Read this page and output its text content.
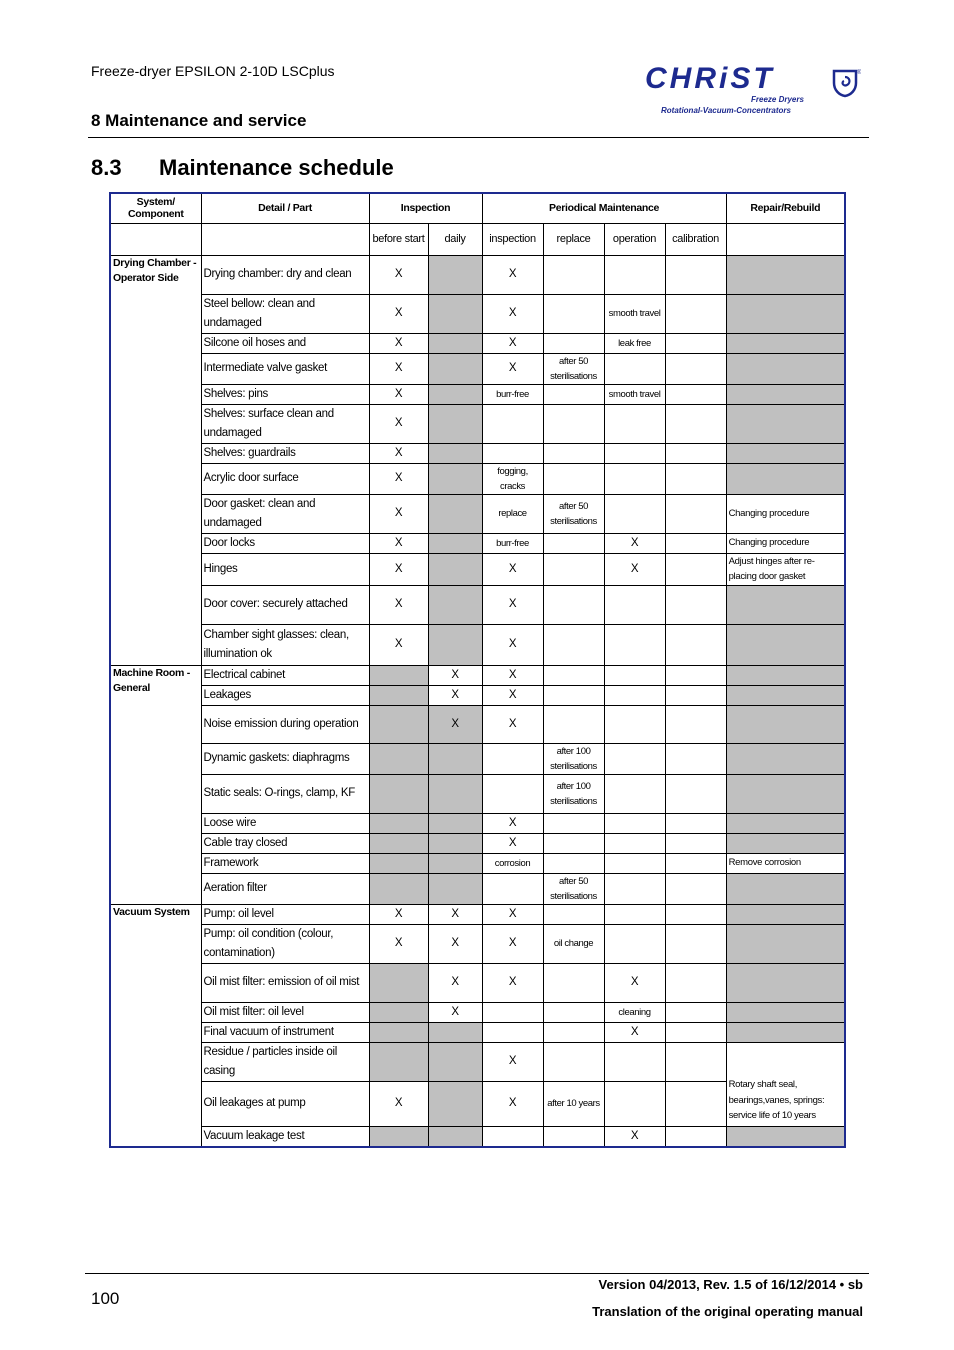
Freeze-dryer EPSILON 2-10D LSCplus
8 Maintenance and service
CHRiST
Freeze Dryers
Rotational-Vacuum-Concentrators
®
8.3 Maintenance schedule
System/ Component	Detail / Part	Inspection		Periodical Maintenance				Repair/Rebuild
		before start	daily	inspection	replace	operation	calibration	
Drying Chamber - Operator Side	Drying chamber: dry and clean	X		X				
	Steel bellow: clean and undamaged	X		X		smooth travel		
	Silcone oil hoses and	X		X		leak free		
	Intermediate valve gasket	X		X	after 50 sterilisations			
	Shelves: pins	X		burr-free		smooth travel		
	Shelves: surface clean and undamaged	X						
	Shelves: guardrails	X						
	Acrylic door surface	X		fogging, cracks				
	Door gasket: clean and undamaged	X		replace	after 50 sterilisations			Changing procedure
	Door locks	X		burr-free		X		Changing procedure
	Hinges	X		X		X		Adjust hinges after re- placing door gasket
	Door cover: securely attached	X		X				
	Chamber sight glasses: clean, illumination ok	X		X				
Machine Room - General	Electrical cabinet		X	X				
	Leakages		X	X				
	Noise emission during operation		X	X				
	Dynamic gaskets: diaphragms				after 100 sterilisations			
	Static seals: O-rings, clamp, KF				after 100 sterilisations			
	Loose wire			X				
	Cable tray closed			X				
	Framework			corrosion				Remove corrosion
	Aeration filter				after 50 sterilisations			
Vacuum System	Pump: oil level	X	X	X				
	Pump: oil condition (colour, contamination)	X	X	X	oil change			
	Oil mist filter: emission of oil mist		X	X		X		
	Oil mist filter: oil level		X			cleaning		
	Final vacuum of instrument					X		
	Residue / particles inside oil casing			X				Rotary shaft seal, bearings,vanes, springs: service life of 10 years
	Oil leakages at pump	X		X	after 10 years			
	Vacuum leakage test					X		
100
Version 04/2013, Rev. 1.5 of 16/12/2014 • sb
Translation of the original operating manual
